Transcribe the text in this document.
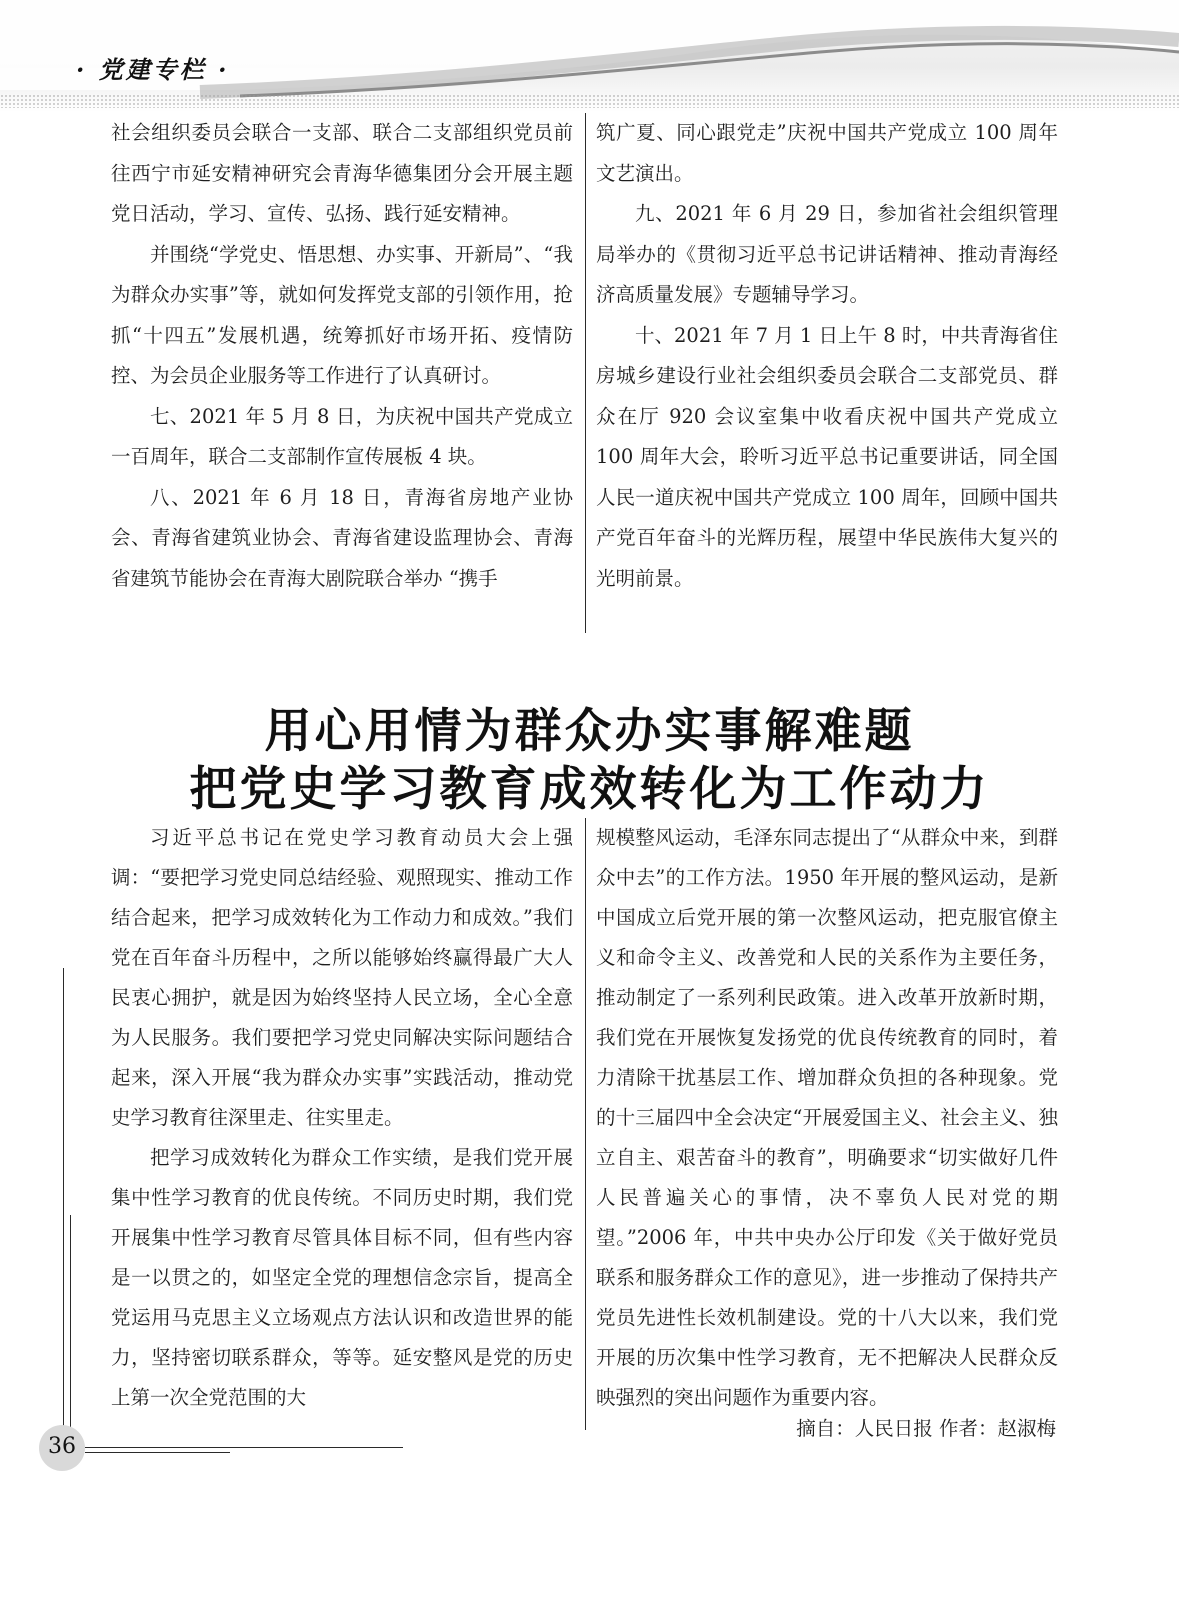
· 党建专栏 ·

社会组织委员会联合一支部、联合二支部组织党员前往西宁市延安精神研究会青海华德集团分会开展主题党日活动，学习、宣传、弘扬、践行延安精神。

并围绕“学党史、悟思想、办实事、开新局”、“我为群众办实事”等，就如何发挥党支部的引领作用，抢抓“十四五”发展机遇，统筹抓好市场开拓、疫情防控、为会员企业服务等工作进行了认真研讨。

七、2021 年 5 月 8 日，为庆祝中国共产党成立一百周年，联合二支部制作宣传展板 4 块。

八、2021 年 6 月 18 日，青海省房地产业协会、青海省建筑业协会、青海省建设监理协会、青海省建筑节能协会在青海大剧院联合举办 “携手

筑广夏、同心跟党走”庆祝中国共产党成立 100 周年文艺演出。

九、2021 年 6 月 29 日，参加省社会组织管理局举办的《贯彻习近平总书记讲话精神、推动青海经济高质量发展》专题辅导学习。

十、2021 年 7 月 1 日上午 8 时，中共青海省住房城乡建设行业社会组织委员会联合二支部党员、群众在厅 920 会议室集中收看庆祝中国共产党成立 100 周年大会，聆听习近平总书记重要讲话，同全国人民一道庆祝中国共产党成立 100 周年，回顾中国共产党百年奋斗的光辉历程，展望中华民族伟大复兴的光明前景。

用心用情为群众办实事解难题
把党史学习教育成效转化为工作动力

习近平总书记在党史学习教育动员大会上强调：“要把学习党史同总结经验、观照现实、推动工作结合起来，把学习成效转化为工作动力和成效。”我们党在百年奋斗历程中，之所以能够始终赢得最广大人民衷心拥护，就是因为始终坚持人民立场，全心全意为人民服务。我们要把学习党史同解决实际问题结合起来，深入开展“我为群众办实事”实践活动，推动党史学习教育往深里走、往实里走。

把学习成效转化为群众工作实绩，是我们党开展集中性学习教育的优良传统。不同历史时期，我们党开展集中性学习教育尽管具体目标不同，但有些内容是一以贯之的，如坚定全党的理想信念宗旨，提高全党运用马克思主义立场观点方法认识和改造世界的能力，坚持密切联系群众，等等。延安整风是党的历史上第一次全党范围的大

规模整风运动，毛泽东同志提出了“从群众中来，到群众中去”的工作方法。1950 年开展的整风运动，是新中国成立后党开展的第一次整风运动，把克服官僚主义和命令主义、改善党和人民的关系作为主要任务，推动制定了一系列利民政策。进入改革开放新时期，我们党在开展恢复发扬党的优良传统教育的同时，着力清除干扰基层工作、增加群众负担的各种现象。党的十三届四中全会决定“开展爱国主义、社会主义、独立自主、艰苦奋斗的教育”，明确要求“切实做好几件人民普遍关心的事情，决不辜负人民对党的期望。”2006 年，中共中央办公厅印发《关于做好党员联系和服务群众工作的意见》，进一步推动了保持共产党员先进性长效机制建设。党的十八大以来，我们党开展的历次集中性学习教育，无不把解决人民群众反映强烈的突出问题作为重要内容。

摘自：人民日报 作者：赵淑梅
36
